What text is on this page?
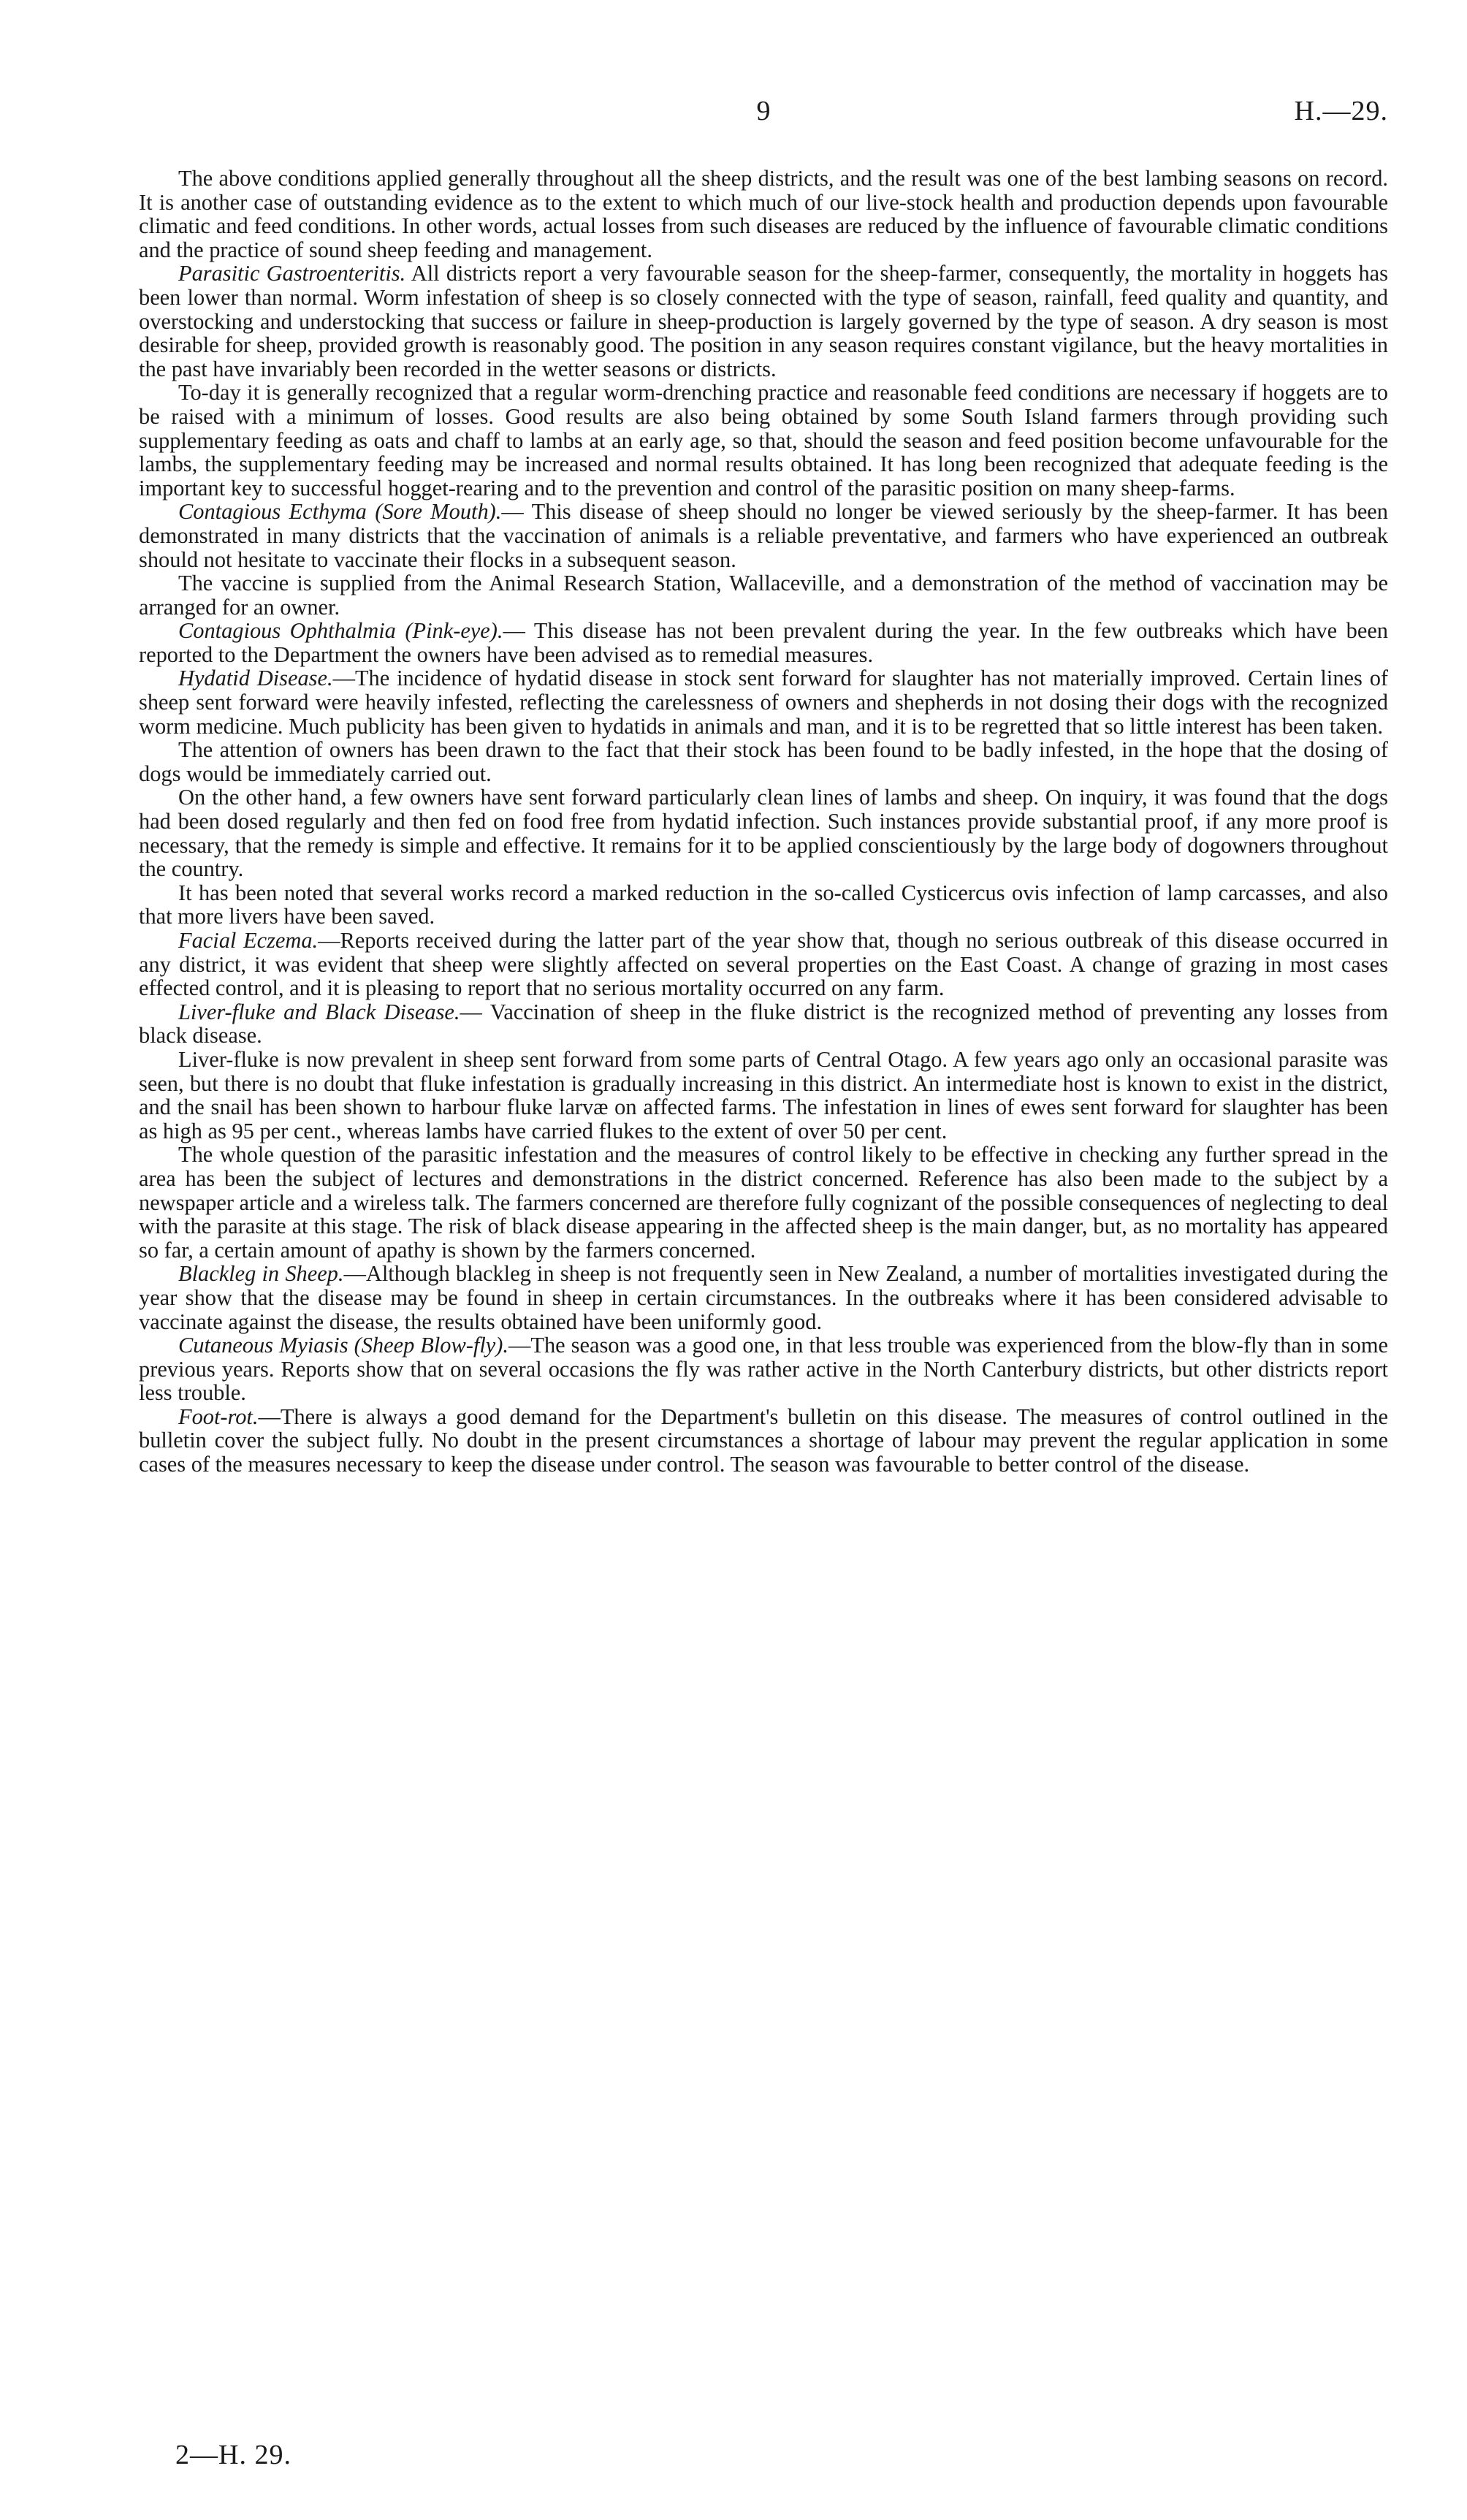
9	H.—29.

The above conditions applied generally throughout all the sheep districts, and the result was one of the best lambing seasons on record. It is another case of outstanding evidence as to the extent to which much of our live-stock health and production depends upon favourable climatic and feed conditions. In other words, actual losses from such diseases are reduced by the influence of favourable climatic conditions and the practice of sound sheep feeding and management.

Parasitic Gastroenteritis. All districts report a very favourable season for the sheep-farmer, consequently, the mortality in hoggets has been lower than normal. Worm infestation of sheep is so closely connected with the type of season, rainfall, feed quality and quantity, and overstocking and understocking that success or failure in sheep-production is largely governed by the type of season. A dry season is most desirable for sheep, provided growth is reasonably good. The position in any season requires constant vigilance, but the heavy mortalities in the past have invariably been recorded in the wetter seasons or districts.

To-day it is generally recognized that a regular worm-drenching practice and reasonable feed conditions are necessary if hoggets are to be raised with a minimum of losses. Good results are also being obtained by some South Island farmers through providing such supplementary feeding as oats and chaff to lambs at an early age, so that, should the season and feed position become unfavourable for the lambs, the supplementary feeding may be increased and normal results obtained. It has long been recognized that adequate feeding is the important key to successful hogget-rearing and to the prevention and control of the parasitic position on many sheep-farms.

Contagious Ecthyma (Sore Mouth).— This disease of sheep should no longer be viewed seriously by the sheep-farmer. It has been demonstrated in many districts that the vaccination of animals is a reliable preventative, and farmers who have experienced an outbreak should not hesitate to vaccinate their flocks in a subsequent season.

The vaccine is supplied from the Animal Research Station, Wallaceville, and a demonstration of the method of vaccination may be arranged for an owner.

Contagious Ophthalmia (Pink-eye).— This disease has not been prevalent during the year. In the few outbreaks which have been reported to the Department the owners have been advised as to remedial measures.

Hydatid Disease.—The incidence of hydatid disease in stock sent forward for slaughter has not materially improved. Certain lines of sheep sent forward were heavily infested, reflecting the carelessness of owners and shepherds in not dosing their dogs with the recognized worm medicine. Much publicity has been given to hydatids in animals and man, and it is to be regretted that so little interest has been taken.

The attention of owners has been drawn to the fact that their stock has been found to be badly infested, in the hope that the dosing of dogs would be immediately carried out.

On the other hand, a few owners have sent forward particularly clean lines of lambs and sheep. On inquiry, it was found that the dogs had been dosed regularly and then fed on food free from hydatid infection. Such instances provide substantial proof, if any more proof is necessary, that the remedy is simple and effective. It remains for it to be applied conscientiously by the large body of dogowners throughout the country.

It has been noted that several works record a marked reduction in the so-called Cysticercus ovis infection of lamp carcasses, and also that more livers have been saved.

Facial Eczema.—Reports received during the latter part of the year show that, though no serious outbreak of this disease occurred in any district, it was evident that sheep were slightly affected on several properties on the East Coast. A change of grazing in most cases effected control, and it is pleasing to report that no serious mortality occurred on any farm.

Liver-fluke and Black Disease.— Vaccination of sheep in the fluke district is the recognized method of preventing any losses from black disease.

Liver-fluke is now prevalent in sheep sent forward from some parts of Central Otago. A few years ago only an occasional parasite was seen, but there is no doubt that fluke infestation is gradually increasing in this district. An intermediate host is known to exist in the district, and the snail has been shown to harbour fluke larvæ on affected farms. The infestation in lines of ewes sent forward for slaughter has been as high as 95 per cent., whereas lambs have carried flukes to the extent of over 50 per cent.

The whole question of the parasitic infestation and the measures of control likely to be effective in checking any further spread in the area has been the subject of lectures and demonstrations in the district concerned. Reference has also been made to the subject by a newspaper article and a wireless talk. The farmers concerned are therefore fully cognizant of the possible consequences of neglecting to deal with the parasite at this stage. The risk of black disease appearing in the affected sheep is the main danger, but, as no mortality has appeared so far, a certain amount of apathy is shown by the farmers concerned.

Blackleg in Sheep.—Although blackleg in sheep is not frequently seen in New Zealand, a number of mortalities investigated during the year show that the disease may be found in sheep in certain circumstances. In the outbreaks where it has been considered advisable to vaccinate against the disease, the results obtained have been uniformly good.

Cutaneous Myiasis (Sheep Blow-fly).—The season was a good one, in that less trouble was experienced from the blow-fly than in some previous years. Reports show that on several occasions the fly was rather active in the North Canterbury districts, but other districts report less trouble.

Foot-rot.—There is always a good demand for the Department's bulletin on this disease. The measures of control outlined in the bulletin cover the subject fully. No doubt in the present circumstances a shortage of labour may prevent the regular application in some cases of the measures necessary to keep the disease under control. The season was favourable to better control of the disease.

2—H. 29.
